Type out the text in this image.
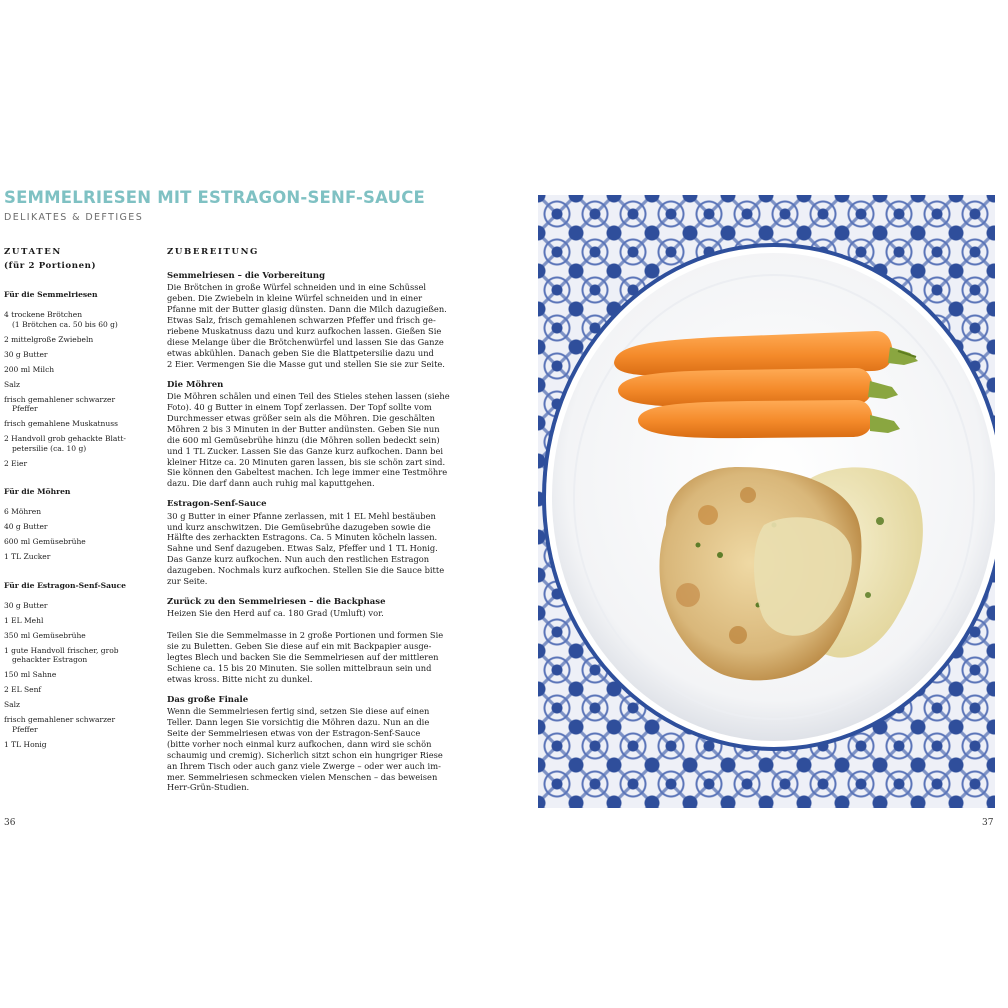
SEMMELRIESEN MIT ESTRAGON-SENF-SAUCE
DELIKATES & DEFTIGES

ZUTATEN

(für 2 Portionen)

Für die Semmelriesen

4 trockene Brötchen
(1 Brötchen ca. 50 bis 60 g)

2 mittelgroße Zwiebeln

30 g Butter

200 ml Milch

Salz

frisch gemahlener schwarzer
Pfeffer

frisch gemahlene Muskatnuss

2 Handvoll grob gehackte Blatt-
petersilie (ca. 10 g)

2 Eier

Für die Möhren

6 Möhren

40 g Butter

600 ml Gemüsebrühe

1 TL Zucker

Für die Estragon-Senf-Sauce

30 g Butter

1 EL Mehl

350 ml Gemüsebrühe

1 gute Handvoll frischer, grob
gehackter Estragon

150 ml Sahne

2 EL Senf

Salz

frisch gemahlener schwarzer
Pfeffer

1 TL Honig

ZUBEREITUNG

Semmelriesen – die Vorbereitung

Die Brötchen in große Würfel schneiden und in eine Schüssel

geben. Die Zwiebeln in kleine Würfel schneiden und in einer

Pfanne mit der Butter glasig dünsten. Dann die Milch dazugießen.

Etwas Salz, frisch gemahlenen schwarzen Pfeffer und frisch ge-

riebene Muskatnuss dazu und kurz aufkochen lassen. Gießen Sie

diese Melange über die Brötchenwürfel und lassen Sie das Ganze

etwas abkühlen. Danach geben Sie die Blattpetersilie dazu und

2 Eier. Vermengen Sie die Masse gut und stellen Sie sie zur Seite.

Die Möhren

Die Möhren schälen und einen Teil des Stieles stehen lassen (siehe

Foto). 40 g Butter in einem Topf zerlassen. Der Topf sollte vom

Durchmesser etwas größer sein als die Möhren. Die geschälten

Möhren 2 bis 3 Minuten in der Butter andünsten. Geben Sie nun

die 600 ml Gemüsebrühe hinzu (die Möhren sollen bedeckt sein)

und 1 TL Zucker. Lassen Sie das Ganze kurz aufkochen. Dann bei

kleiner Hitze ca. 20 Minuten garen lassen, bis sie schön zart sind.

Sie können den Gabeltest machen. Ich lege immer eine Testmöhre

dazu. Die darf dann auch ruhig mal kaputtgehen.

Estragon-Senf-Sauce

30 g Butter in einer Pfanne zerlassen, mit 1 EL Mehl bestäuben

und kurz anschwitzen. Die Gemüsebrühe dazugeben sowie die

Hälfte des zerhackten Estragons. Ca. 5 Minuten köcheln lassen.

Sahne und Senf dazugeben. Etwas Salz, Pfeffer und 1 TL Honig.

Das Ganze kurz aufkochen. Nun auch den restlichen Estragon

dazugeben. Nochmals kurz aufkochen. Stellen Sie die Sauce bitte

zur Seite.

Zurück zu den Semmelriesen – die Backphase

Heizen Sie den Herd auf ca. 180 Grad (Umluft) vor.

Teilen Sie die Semmelmasse in 2 große Portionen und formen Sie

sie zu Buletten. Geben Sie diese auf ein mit Backpapier ausge-

legtes Blech und backen Sie die Semmelriesen auf der mittleren

Schiene ca. 15 bis 20 Minuten. Sie sollen mittelbraun sein und

etwas kross. Bitte nicht zu dunkel.

Das große Finale

Wenn die Semmelriesen fertig sind, setzen Sie diese auf einen

Teller. Dann legen Sie vorsichtig die Möhren dazu. Nun an die

Seite der Semmelriesen etwas von der Estragon-Senf-Sauce

(bitte vorher noch einmal kurz aufkochen, dann wird sie schön

schaumig und cremig). Sicherlich sitzt schon ein hungriger Riese

an Ihrem Tisch oder auch ganz viele Zwerge – oder wer auch im-

mer. Semmelriesen schmecken vielen Menschen – das beweisen

Herr-Grün-Studien.

36	37
